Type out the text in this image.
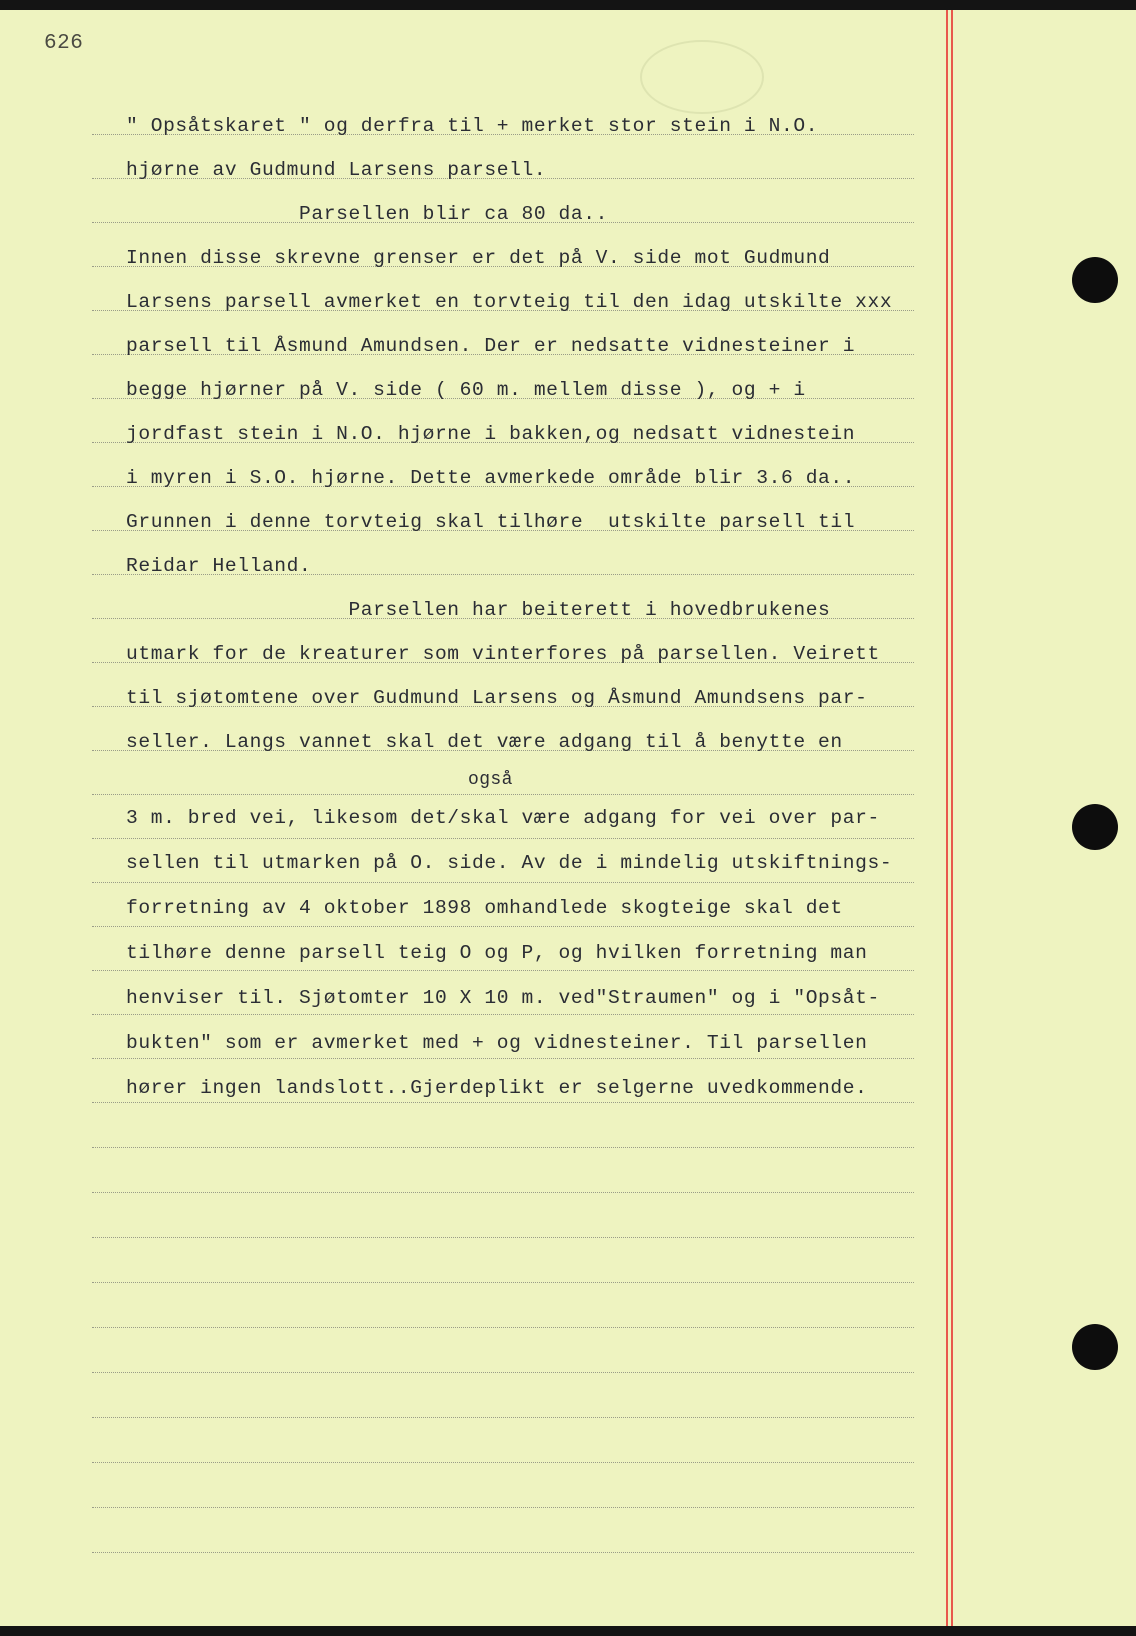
626
" Opsåtskaret " og derfra til + merket stor stein i N.O.
hjørne av Gudmund Larsens parsell.
Parsellen blir ca 80 da..
Innen disse skrevne grenser er det på V. side mot Gudmund
Larsens parsell avmerket en torvteig til den idag utskilte xxx
parsell til Åsmund Amundsen. Der er nedsatte vidnesteiner i
begge hjørner på V. side ( 60 m. mellem disse ), og + i
jordfast stein i N.O. hjørne i bakken,og nedsatt vidnestein
i myren i S.O. hjørne. Dette avmerkede område blir 3.6 da..
Grunnen i denne torvteig skal tilhøre  utskilte parsell til
Reidar Helland.
Parsellen har beiterett i hovedbrukenes
utmark for de kreaturer som vinterfores på parsellen. Veirett
til sjøtomtene over Gudmund Larsens og Åsmund Amundsens par-
seller. Langs vannet skal det være adgang til å benytte en
også
3 m. bred vei, likesom det/skal være adgang for vei over par-
sellen til utmarken på O. side. Av de i mindelig utskiftnings-
forretning av 4 oktober 1898 omhandlede skogteige skal det
tilhøre denne parsell teig O og P, og hvilken forretning man
henviser til. Sjøtomter 10 X 10 m. ved"Straumen" og i "Opsåt-
bukten" som er avmerket med + og vidnesteiner. Til parsellen
hører ingen landslott..Gjerdeplikt er selgerne uvedkommende.
